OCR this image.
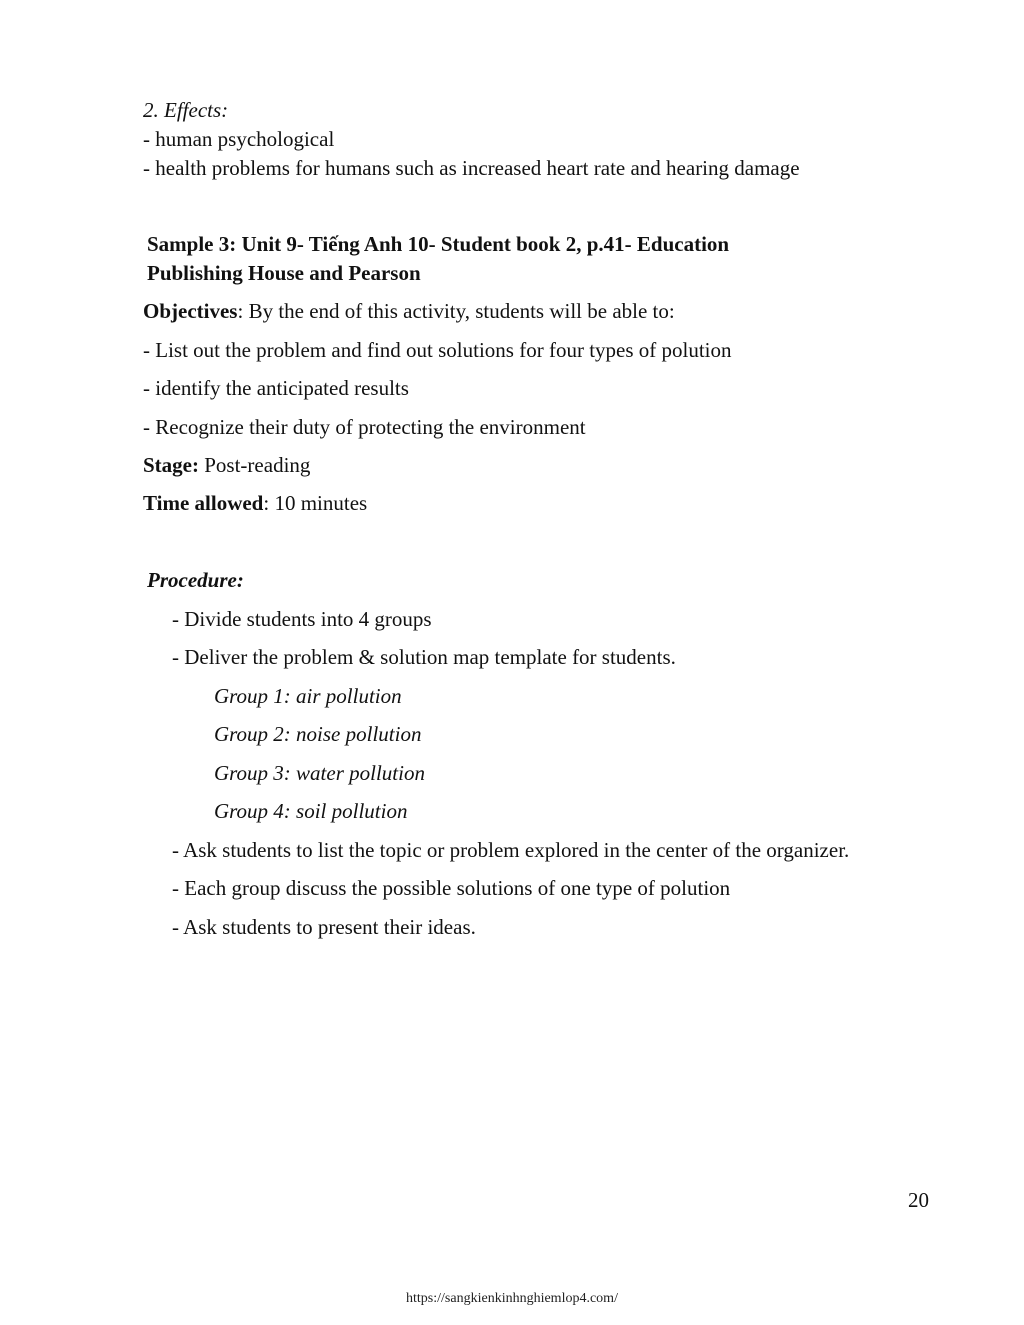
2. Effects:
- human psychological
- health problems for humans such as increased heart rate and hearing damage
Sample 3: Unit 9- Tiếng Anh 10- Student book 2, p.41- Education
Publishing House and Pearson
Objectives: By the end of this activity, students will be able to:
- List out the problem and find out solutions for four types of polution
- identify the anticipated results
- Recognize their duty of protecting the environment
Stage: Post-reading
Time allowed: 10 minutes
Procedure:
- Divide students into 4 groups
- Deliver the problem & solution map template for students.
Group 1: air pollution
Group 2: noise pollution
Group 3: water pollution
Group 4: soil pollution
- Ask students to list the topic or problem explored in the center of the organizer.
- Each group discuss the possible solutions of one type of polution
- Ask students to present their ideas.
20
https://sangkienkinhnghiemlop4.com/
